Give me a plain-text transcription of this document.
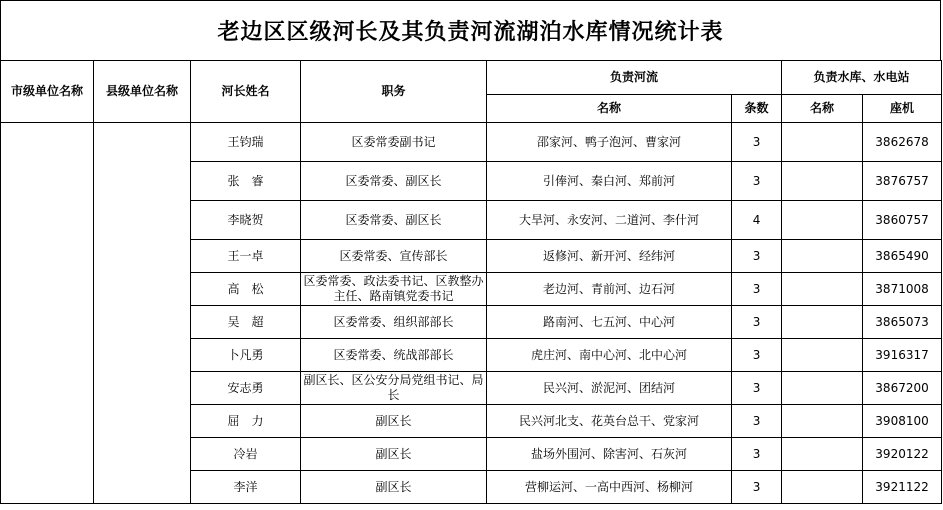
老边区区级河长及其负责河流湖泊水库情况统计表
市级单位名称	县级单位名称	河长姓名	职务	负责河流		负责水库、水电站	
				名称	条数	名称	座机
		王钧瑞	区委常委副书记	邵家河、鸭子泡河、曹家河	3		3862678
		张　睿	区委常委、副区长	引俸河、秦白河、郑前河	3		3876757
		李晓贺	区委常委、副区长	大旱河、永安河、二道河、李什河	4		3860757
		王一卓	区委常委、宣传部长	返修河、新开河、经纬河	3		3865490
		高　松	区委常委、政法委书记、区教整办主任、路南镇党委书记	老边河、青前河、边石河	3		3871008
		吴　超	区委常委、组织部部长	路南河、七五河、中心河	3		3865073
		卜凡勇	区委常委、统战部部长	虎庄河、南中心河、北中心河	3		3916317
		安志勇	副区长、区公安分局党组书记、局长	民兴河、淤泥河、团结河	3		3867200
		屈　力	副区长	民兴河北支、花英台总干、党家河	3		3908100
		冷岩	副区长	盐场外围河、除害河、石灰河	3		3920122
		李洋	副区长	营柳运河、一高中西河、杨柳河	3		3921122
